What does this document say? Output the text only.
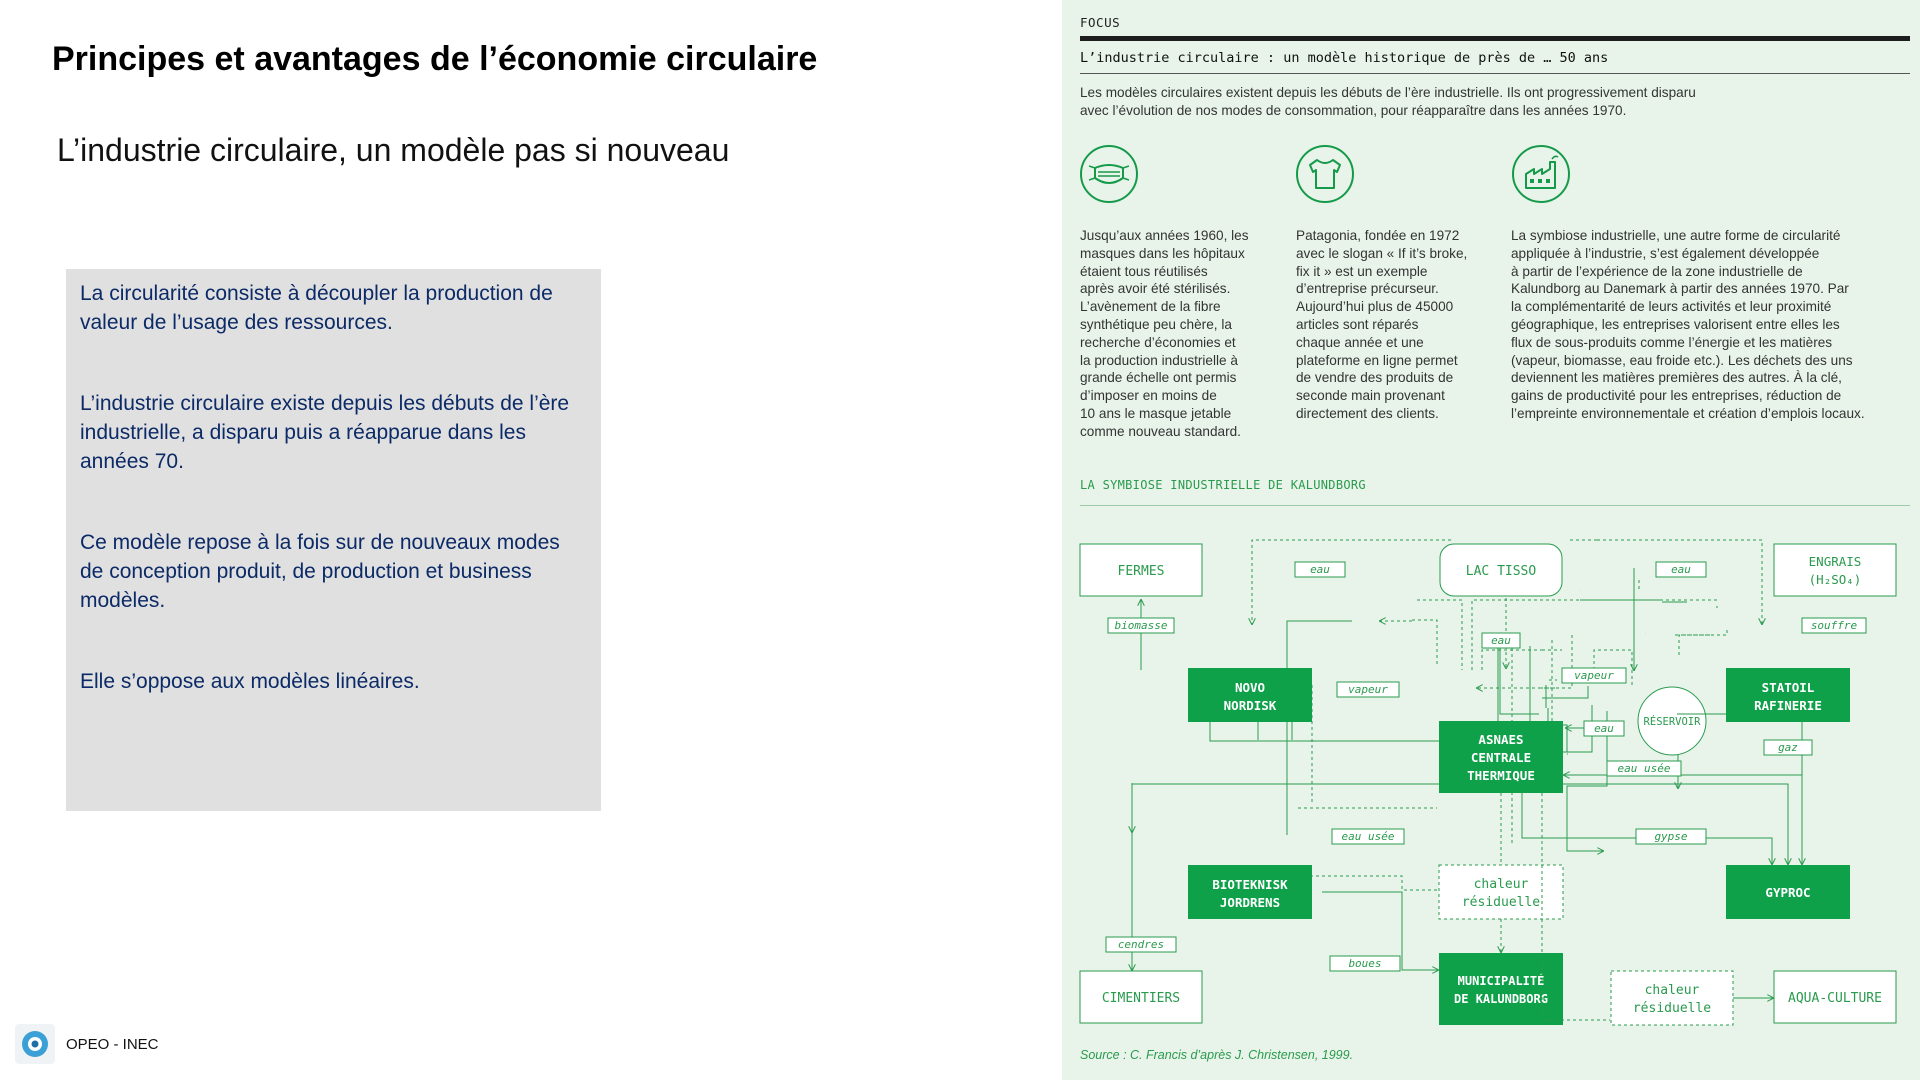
Principes et avantages de l’économie circulaire
L’industrie circulaire, un modèle pas si nouveau

La circularité consiste à découpler la production de valeur de l’usage des ressources.

L’industrie circulaire existe depuis les débuts de l’ère industrielle, a disparu puis a réapparue dans les années 70.

Ce modèle repose à la fois sur de nouveaux modes de conception produit, de production et business modèles.

Elle s’oppose aux modèles linéaires.

OPEO - INEC
FOCUS
L’industrie circulaire : un modèle historique de près de … 50 ans
Les modèles circulaires existent depuis les débuts de l’ère industrielle. Ils ont progressivement disparu
avec l’évolution de nos modes de consommation, pour réapparaître dans les années 1970.
Jusqu’aux années 1960, les
masques dans les hôpitaux
étaient tous réutilisés
après avoir été stérilisés.
L’avènement de la fibre
synthétique peu chère, la
recherche d’économies et
la production industrielle à
grande échelle ont permis
d’imposer en moins de
10 ans le masque jetable
comme nouveau standard.
Patagonia, fondée en 1972
avec le slogan « If it’s broke,
fix it » est un exemple
d’entreprise précurseur.
Aujourd’hui plus de 45000
articles sont réparés
chaque année et une
plateforme en ligne permet
de vendre des produits de
seconde main provenant
directement des clients.
La symbiose industrielle, une autre forme de circularité
appliquée à l’industrie, s’est également développée
à partir de l’expérience de la zone industrielle de
Kalundborg au Danemark à partir des années 1970. Par
la complémentarité de leurs activités et leur proximité
géographique, les entreprises valorisent entre elles les
flux de sous-produits comme l’énergie et les matières
(vapeur, biomasse, eau froide etc.). Les déchets des uns
deviennent les matières premières des autres. À la clé,
gains de productivité pour les entreprises, réduction de
l’empreinte environnementale et création d’emplois locaux.
LA SYMBIOSE INDUSTRIELLE DE KALUNDBORG
FERMES	LAC TISSO
ENGRAIS
(H₂SO₄)
NOVO
NORDISK
STATOIL
RAFINERIE
RÉSERVOIR
ASNAES
CENTRALE
THERMIQUE
BIOTEKNISK
JORDRENS
chaleur
résiduelle
GYPROC
CIMENTIERS
MUNICIPALITÉ
DE KALUNDBORG
chaleur
résiduelle
AQUA-CULTURE
eau	eau
eau
biomasse	souffre
vapeur
vapeur
eau
gaz
eau usée
eau usée	gypse
cendres
boues
Source : C. Francis d’après J. Christensen, 1999.
